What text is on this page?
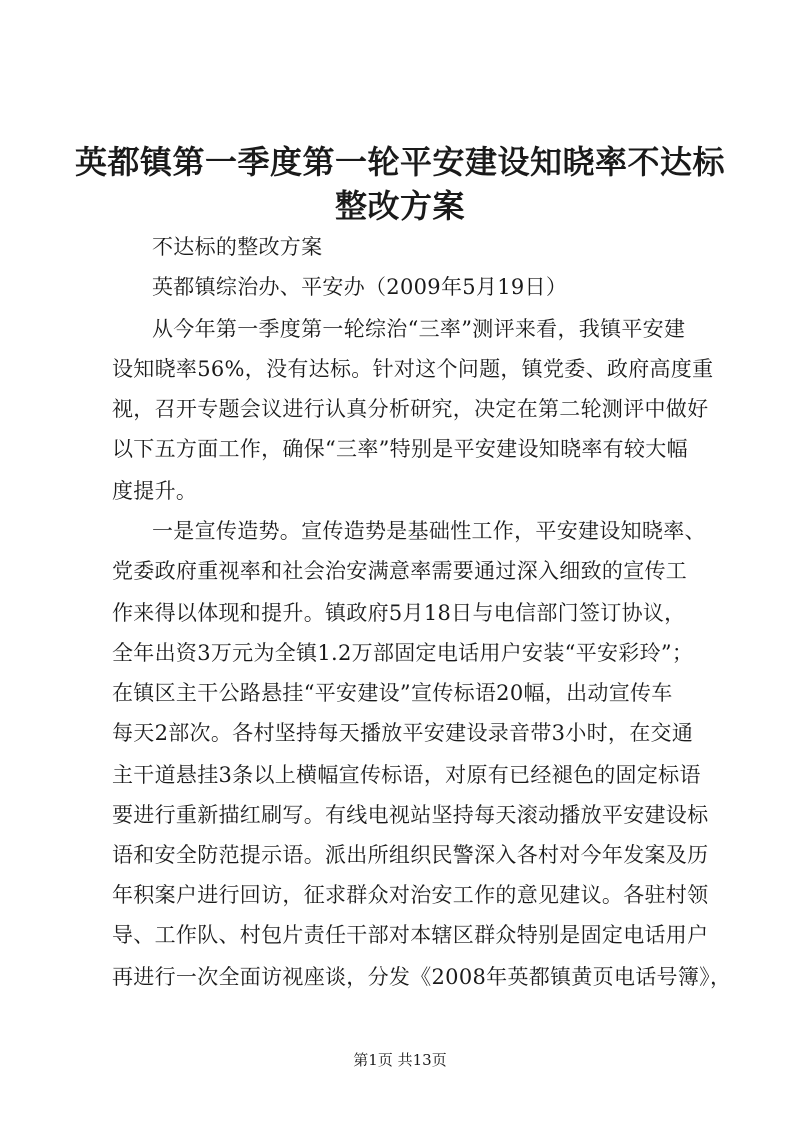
英都镇第一季度第一轮平安建设知晓率不达标
整改方案
不达标的整改方案
英都镇综治办、平安办（2009年5月19日）
从今年第一季度第一轮综治“三率”测评来看，我镇平安建
设知晓率56%，没有达标。针对这个问题，镇党委、政府高度重
视，召开专题会议进行认真分析研究，决定在第二轮测评中做好
以下五方面工作，确保“三率”特别是平安建设知晓率有较大幅
度提升。
一是宣传造势。宣传造势是基础性工作，平安建设知晓率、
党委政府重视率和社会治安满意率需要通过深入细致的宣传工
作来得以体现和提升。镇政府5月18日与电信部门签订协议，
全年出资3万元为全镇1.2万部固定电话用户安装“平安彩玲”；
在镇区主干公路悬挂“平安建设”宣传标语20幅，出动宣传车
每天2部次。各村坚持每天播放平安建设录音带3小时，在交通
主干道悬挂3条以上横幅宣传标语，对原有已经褪色的固定标语
要进行重新描红刷写。有线电视站坚持每天滚动播放平安建设标
语和安全防范提示语。派出所组织民警深入各村对今年发案及历
年积案户进行回访，征求群众对治安工作的意见建议。各驻村领
导、工作队、村包片责任干部对本辖区群众特别是固定电话用户
再进行一次全面访视座谈，分发《2008年英都镇黄页电话号簿》，
第1页 共13页
